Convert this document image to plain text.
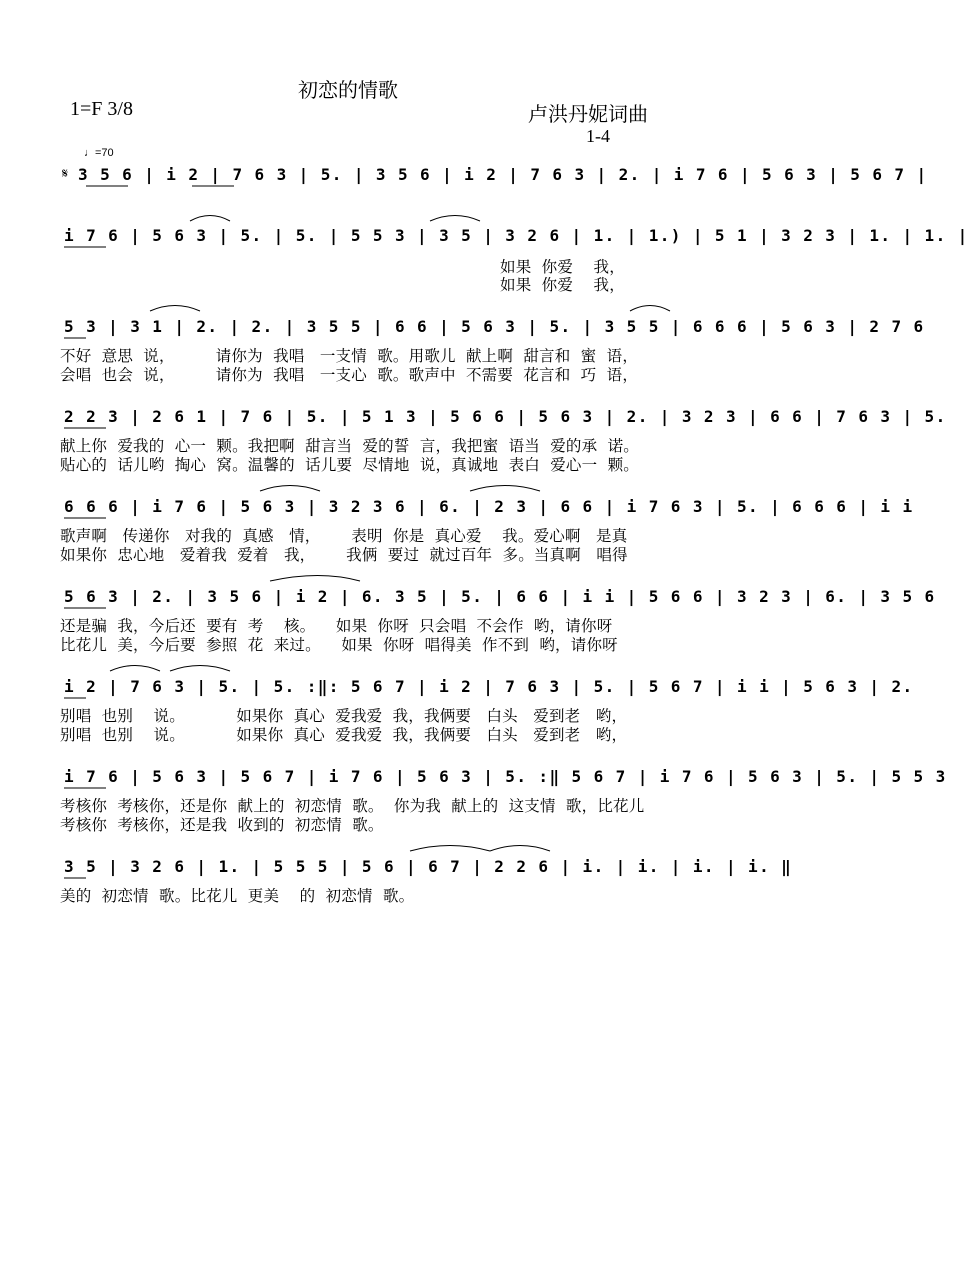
初恋的情歌
1=F 3/8	卢洪丹妮词曲
1-4
♩=70
𝄋 3 5 6 | i 2 | 7 6 3 | 5. | 3 5 6 | i 2 | 7 6 3 | 2. | i 7 6 | 5 6 3 | 5 6 7 |
i 7 6 | 5 6 3 | 5. | 5. | 5 5 3 | 3 5 | 3 2 6 | 1. | 1.) | 5 1 | 3 2 3 | 1. | 1. |
如果  你爱    我，
如果  你爱    我，
5 3 | 3 1 | 2. | 2. | 3 5 5 | 6 6 | 5 6 3 | 5. | 3 5 5 | 6 6 6 | 5 6 3 | 2 7 6
不好  意思  说，        请你为  我唱   一支情  歌。用歌儿  献上啊  甜言和  蜜  语，
会唱  也会  说，        请你为  我唱   一支心  歌。歌声中  不需要  花言和  巧  语，
2 2 3 | 2 6 1 | 7 6 | 5. | 5 1 3 | 5 6 6 | 5 6 3 | 2. | 3 2 3 | 6 6 | 7 6 3 | 5.
献上你  爱我的  心一  颗。我把啊  甜言当  爱的誓  言，我把蜜  语当  爱的承  诺。
贴心的  话儿哟  掏心  窝。温馨的  话儿要  尽情地  说，真诚地  表白  爱心一  颗。
6 6 6 | i 7 6 | 5 6 3 | 3 2 3 6 | 6. | 2 3 | 6 6 | i 7 6 3 | 5. | 6 6 6 | i i
歌声啊   传递你   对我的  真感   情，      表明  你是  真心爱    我。爱心啊   是真
如果你  忠心地   爱着我  爱着   我，      我俩  要过  就过百年  多。当真啊   唱得
5 6 3 | 2. | 3 5 6 | i 2 | 6. 3 5 | 5. | 6 6 | i i | 5 6 6 | 3 2 3 | 6. | 3 5 6
还是骗  我，今后还  要有  考    核。    如果  你呀  只会唱  不会作  哟，请你呀
比花儿  美，今后要  参照  花  来过。    如果  你呀  唱得美  作不到  哟，请你呀
i 2 | 7 6 3 | 5. | 5. :‖: 5 6 7 | i 2 | 7 6 3 | 5. | 5 6 7 | i i | 5 6 3 | 2.
别唱  也别    说。          如果你  真心  爱我爱  我，我俩要   白头   爱到老   哟，
别唱  也别    说。          如果你  真心  爱我爱  我，我俩要   白头   爱到老   哟，
i 7 6 | 5 6 3 | 5 6 7 | i 7 6 | 5 6 3 | 5. :‖ 5 6 7 | i 7 6 | 5 6 3 | 5. | 5 5 3
考核你  考核你，还是你  献上的  初恋情  歌。  你为我  献上的  这支情  歌，比花儿
考核你  考核你，还是我  收到的  初恋情  歌。
3 5 | 3 2 6 | 1. | 5 5 5 | 5 6 | 6 7 | 2 2 6 | i. | i. | i. | i. ‖
美的  初恋情  歌。比花儿  更美    的  初恋情  歌。
